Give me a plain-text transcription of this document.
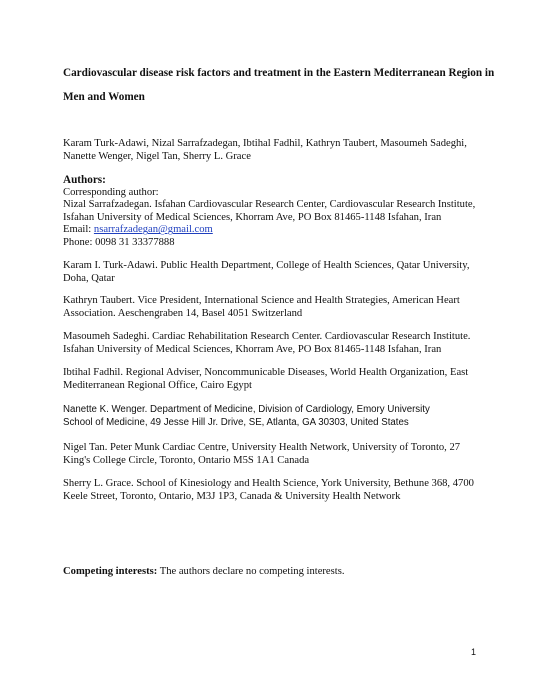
Cardiovascular disease risk factors and treatment in the Eastern Mediterranean Region in

Men and Women

Karam Turk-Adawi, Nizal Sarrafzadegan, Ibtihal Fadhil, Kathryn Taubert, Masoumeh Sadeghi,
Nanette Wenger, Nigel Tan, Sherry L. Grace
Authors:
Corresponding author:
Nizal Sarrafzadegan. Isfahan Cardiovascular Research Center, Cardiovascular Research Institute,
Isfahan University of Medical Sciences, Khorram Ave, PO Box 81465-1148 Isfahan, Iran
Email: nsarrafzadegan@gmail.com
Phone: 0098 31 33377888
Karam I. Turk-Adawi. Public Health Department, College of Health Sciences, Qatar University,
Doha, Qatar
Kathryn Taubert. Vice President, International Science and Health Strategies, American Heart
Association. Aeschengraben 14, Basel 4051 Switzerland
Masoumeh Sadeghi. Cardiac Rehabilitation Research Center. Cardiovascular Research Institute.
Isfahan University of Medical Sciences, Khorram Ave, PO Box 81465-1148 Isfahan, Iran
Ibtihal Fadhil. Regional Adviser, Noncommunicable Diseases, World Health Organization, East
Mediterranean Regional Office, Cairo Egypt
Nanette K. Wenger. Department of Medicine, Division of Cardiology, Emory University
School of Medicine, 49 Jesse Hill Jr. Drive, SE, Atlanta, GA 30303, United States
Nigel Tan. Peter Munk Cardiac Centre, University Health Network, University of Toronto, 27
King's College Circle, Toronto, Ontario M5S 1A1 Canada
Sherry L. Grace. School of Kinesiology and Health Science, York University, Bethune 368, 4700
Keele Street, Toronto, Ontario, M3J 1P3, Canada & University Health Network
Competing interests: The authors declare no competing interests.
1
